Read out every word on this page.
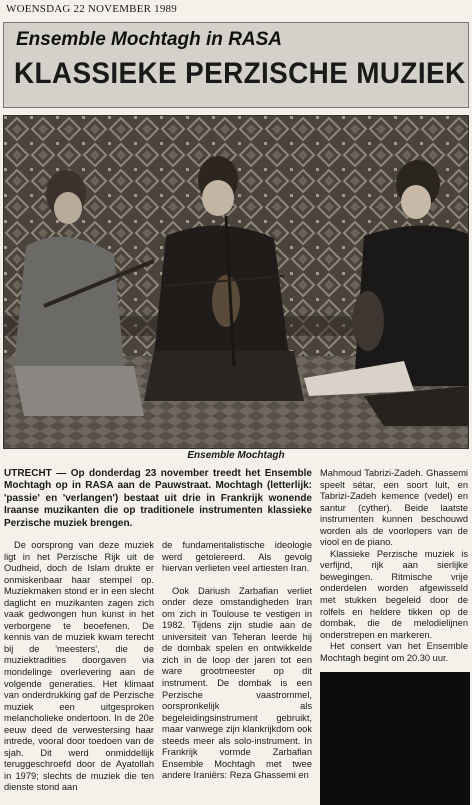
WOENSDAG 22 NOVEMBER 1989
Ensemble Mochtagh in RASA
KLASSIEKE PERZISCHE MUZIEK
Ensemble Mochtagh
UTRECHT — Op donderdag 23 november treedt het Ensemble Mochtagh op in RASA aan de Pauwstraat. Mochtagh (letterlijk: 'passie' en 'verlangen') bestaat uit drie in Frankrijk wonende Iraanse muzikanten die op traditionele instrumenten klassieke Perzische muziek brengen.

De oorsprong van deze muziek ligt in het Perzische Rijk uit de Oudheid, doch de Islam drukte er onmiskenbaar haar stempel op. Muziekmaken stond er in een slecht daglicht en muzikanten zagen zich vaak gedwongen hun kunst in het verborgene te beoefenen. De kennis van de muziek kwam terecht bij de 'meesters', die de muziektradities doorgaven via mondelinge overlevering aan de volgende generaties. Het klimaat van onderdrukking gaf de Perzische muziek een uitgesproken melancholieke ondertoon. In de 20e eeuw deed de verwestersing haar intrede, vooral door toedoen van de sjah. Dit werd onmiddellijk teruggeschroefd door de Ayatollah in 1979; slechts de muziek die ten dienste stond aan

de fundamentalistische ideologie werd getolereerd. Als gevolg hiervan verlieten veel artiesten Iran.

Ook Dariush Zarbafian verliet onder deze omstandigheden Iran om zich in Toulouse te vestigen in 1982. Tijdens zijn studie aan de universiteit van Teheran leerde hij de dombak spelen en ontwikkelde zich in de loop der jaren tot een ware grootmeester op dit instrument. De dombak is een Perzische vaastrommel, oorspronkelijk als begeleidingsinstrument gebruikt, maar vanwege zijn klankrijkdom ook steeds meer als solo-instrument. In Frankrijk vormde Zarbafian Ensemble Mochtagh met twee andere Iraniërs: Reza Ghassemi en

Mahmoud Tabrizi-Zadeh. Ghassemi speelt sétar, een soort luit, en Tabrizi-Zadeh kemence (vedel) en santur (cyther). Beide laatste instrumenten kunnen beschouwd worden als de voorlopers van de viool en de piano.

Klassieke Perzische muziek is verfijnd, rijk aan sierlijke bewegingen. Ritmische vrije onderdelen worden afgewisseld met stukken begeleid door de rolfels en heldere tikken op de dombak, die de melodielijnen onderstrepen en markeren.

Het consert van het Ensemble Mochtagh begint om 20.30 uur.
